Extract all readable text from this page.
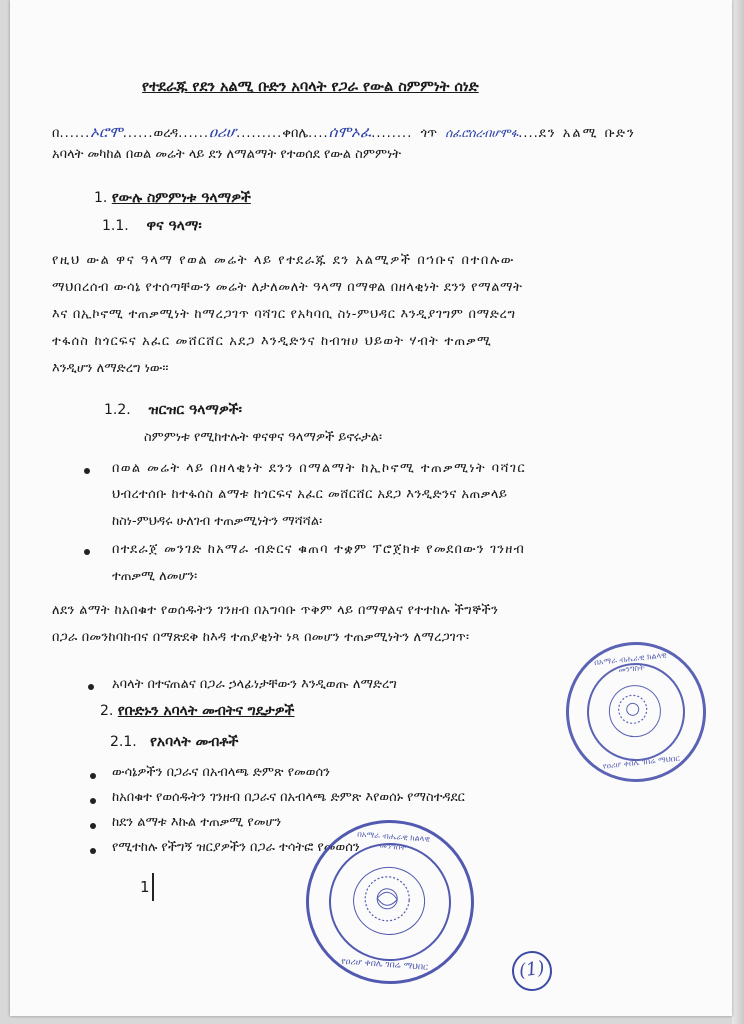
የተደራጁ የደን አልሚ ቡድን አባላት የጋራ የውል ስምምነት ሰነድ
በ......ኦሮሞ......ወረዳ......ዐሪሆ.........ቀበሌ....ሰሞኦፈ........ ጎጥ ሰፈሮሰረብሆሞፋ....ደን አልሚ ቡድን
አባላት መካከል በወል መሬት ላይ ደን ለማልማት የተወሰደ የውል ስምምነት
1. የውሉ ስምምነቱ ዓላማዎች
1.1. ዋና ዓላማ፡
የዚህ ውል ዋና ዓላማ የወል መሬት ላይ የተደራጁ ደን አልሚዎች በኀቡና በተበሉው
ማህበረሰብ ውሳኔ የተሰጣቸውን መሬት ለታለመለት ዓላማ በማዋል በዘላቂነት ደንን የማልማት
እና በኢኮኖሚ ተጠቃሚነት ከማረጋገጥ ባሻገር የአካባቢ ስነ-ምህዳር እንዲያገግም በማድረግ
ተፋሰስ ከጎርፍና አፈር መሸርሸር አደጋ እንዲድንና ከብዝሀ ህይወት ሃብት ተጠቃሚ
እንዲሆን ለማድረግ ነው፡፡
1.2. ዝርዝር ዓላማዎች፡
ስምምነቱ የሚከተሉት ዋናዋና ዓላማዎች ይኖሩታል፡
በወል መሬት ላይ በዘላቂነት ደንን በማልማት ከኢኮኖሚ ተጠቃሚነት ባሻገር
ህብረተሰቡ ከተፋሰስ ልማቱ ከጎርፍና አፈር መሸርሸር አደጋ እንዲድንና አጠቃላይ
ከስነ-ምህዳሩ ሁለገብ ተጠቃሚነትን ማሻሻል፡
በተደራጀ መንገድ ከአማራ ብድርና ቁጠባ ተቋም ፕሮጀክቱ የመደበውን ገንዘብ
ተጠቃሚ ለመሆን፡
ለደን ልማት ከአበቁተ የወሰዱትን ገንዘብ በአግባቡ ጥቅም ላይ በማዋልና የተተከሉ ችግኞችን
በጋራ በመንከባከብና በማጽደቅ ከእዳ ተጠያቂነት ነጻ በመሆን ተጠቃሚነትን ለማረጋገጥ፡
አባላት በተናጠልና በጋራ ኃላፊነታቸውን እንዲወጡ ለማድረግ
2. የቡድኑን አባላት መብትና ግዴታዎች
2.1. የአባላት መብቶች
ውሳኔዎችን በጋራና በአብላጫ ድምጽ የመወሰን
ከአበቁተ የወሰዱትን ገንዘብ በጋራና በአብላጫ ድምጽ እየወሰኑ የማስተዳደር
ከደን ልማቱ እኩል ተጠቃሚ የመሆን
የሚተከሉ የችግኝ ዝርያዎችን በጋራ ተሳትፎ የመወሰን
በአማራ ብሔራዊ ክልላዊ መንግስት
የዐሪሆ ቀበሌ ገበሬ ማህበር
በአማራ ብሔራዊ ክልላዊ መንግስት
የዐሪሆ ቀበሌ ገበሬ ማህበር
1
(1)
